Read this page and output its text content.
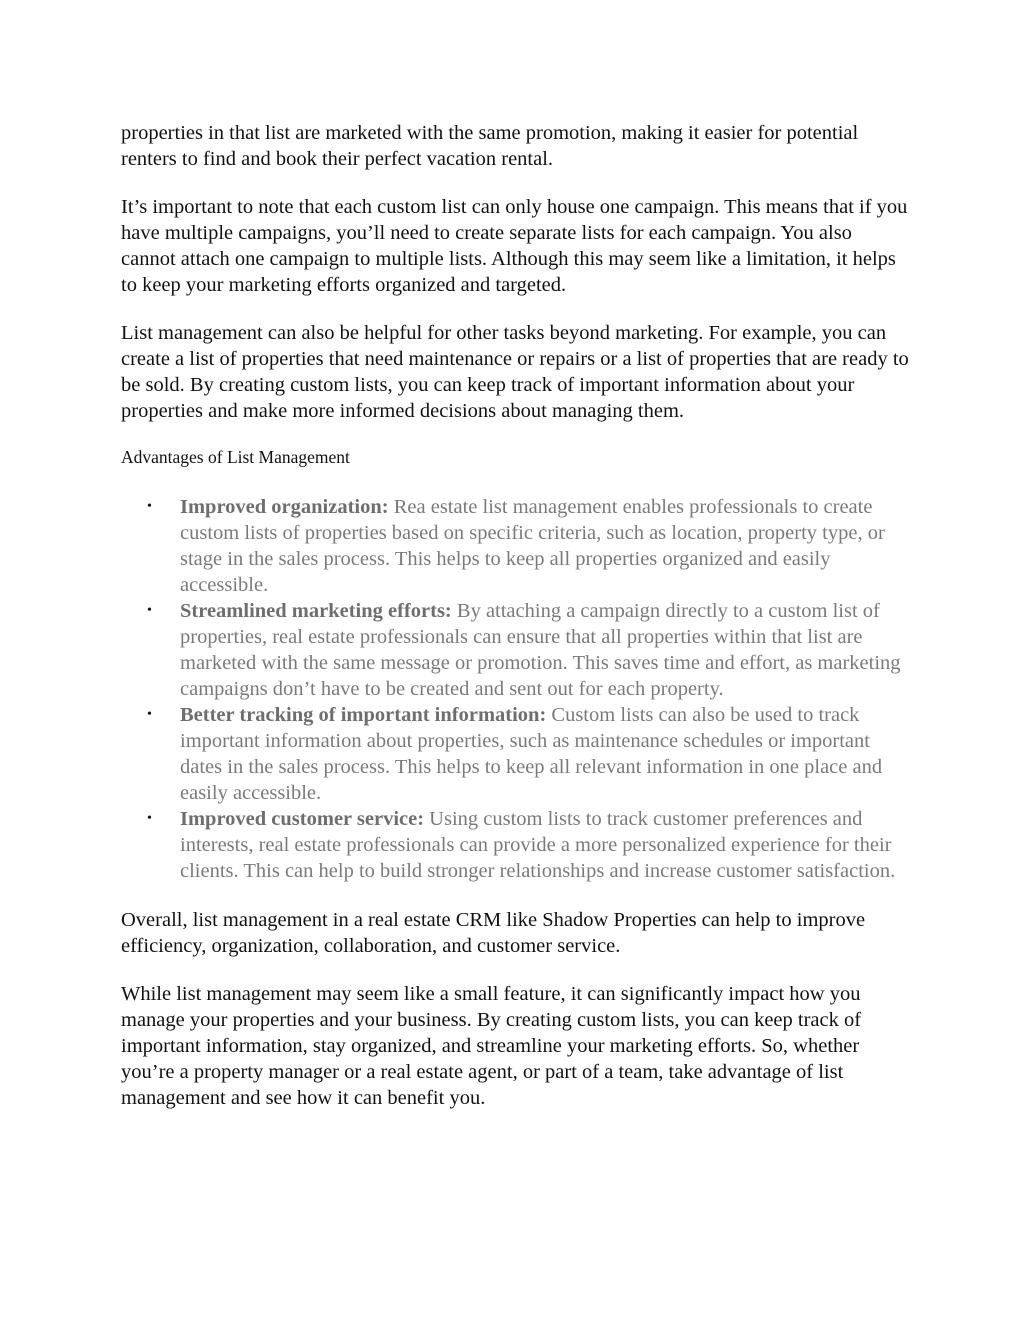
properties in that list are marketed with the same promotion, making it easier for potential renters to find and book their perfect vacation rental.

It’s important to note that each custom list can only house one campaign. This means that if you have multiple campaigns, you’ll need to create separate lists for each campaign. You also cannot attach one campaign to multiple lists. Although this may seem like a limitation, it helps to keep your marketing efforts organized and targeted.

List management can also be helpful for other tasks beyond marketing. For example, you can create a list of properties that need maintenance or repairs or a list of properties that are ready to be sold. By creating custom lists, you can keep track of important information about your properties and make more informed decisions about managing them.

Advantages of List Management
• Improved organization: Rea estate list management enables professionals to create custom lists of properties based on specific criteria, such as location, property type, or stage in the sales process. This helps to keep all properties organized and easily accessible.
• Streamlined marketing efforts: By attaching a campaign directly to a custom list of properties, real estate professionals can ensure that all properties within that list are marketed with the same message or promotion. This saves time and effort, as marketing campaigns don’t have to be created and sent out for each property.
• Better tracking of important information: Custom lists can also be used to track important information about properties, such as maintenance schedules or important dates in the sales process. This helps to keep all relevant information in one place and easily accessible.
• Improved customer service: Using custom lists to track customer preferences and interests, real estate professionals can provide a more personalized experience for their clients. This can help to build stronger relationships and increase customer satisfaction.

Overall, list management in a real estate CRM like Shadow Properties can help to improve efficiency, organization, collaboration, and customer service.

While list management may seem like a small feature, it can significantly impact how you manage your properties and your business. By creating custom lists, you can keep track of important information, stay organized, and streamline your marketing efforts. So, whether you’re a property manager or a real estate agent, or part of a team, take advantage of list management and see how it can benefit you.
